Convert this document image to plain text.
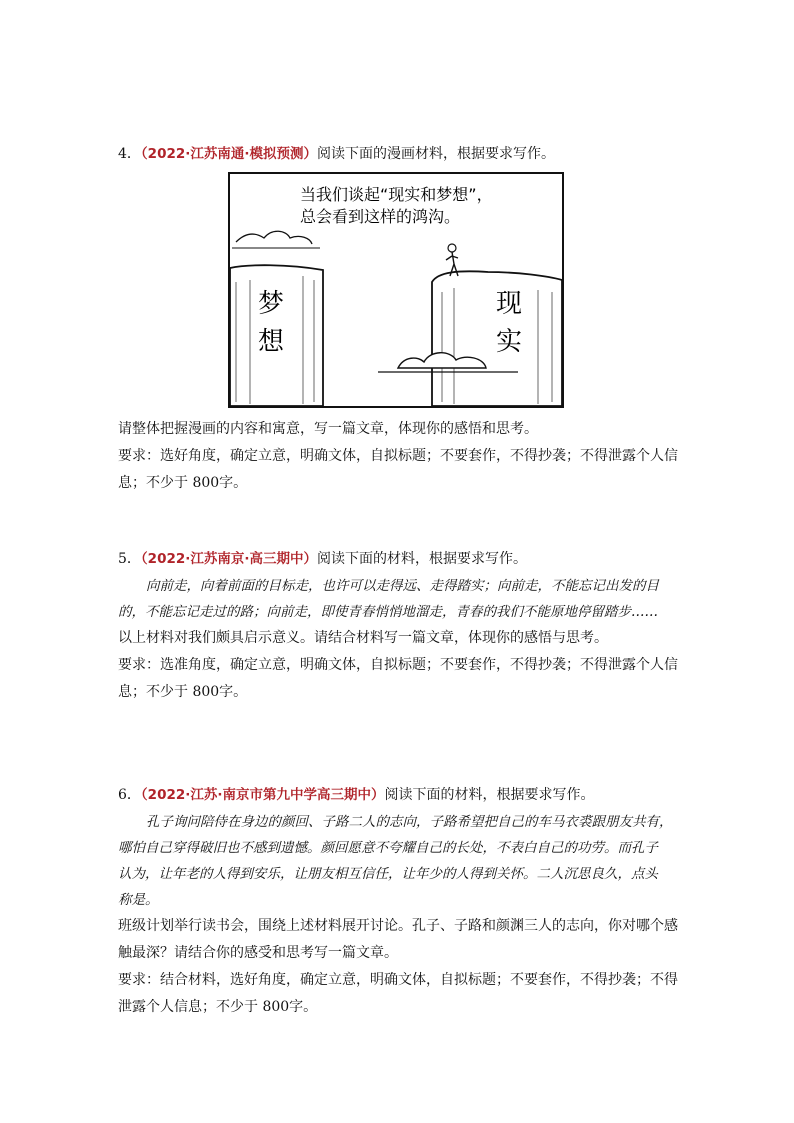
4．（2022·江苏南通·模拟预测）阅读下面的漫画材料，根据要求写作。
当我们谈起“现实和梦想”，
总会看到这样的鸿沟。
梦
想
现
实
请整体把握漫画的内容和寓意，写一篇文章，体现你的感悟和思考。
要求：选好角度，确定立意，明确文体，自拟标题；不要套作，不得抄袭；不得泄露个人信
息；不少于 800字。
5．（2022·江苏南京·高三期中）阅读下面的材料，根据要求写作。
向前走，向着前面的目标走，也许可以走得远、走得踏实；向前走，不能忘记出发的目
的，不能忘记走过的路；向前走，即使青春悄悄地溜走，青春的我们不能原地停留踏步……
以上材料对我们颇具启示意义。请结合材料写一篇文章，体现你的感悟与思考。
要求：选准角度，确定立意，明确文体，自拟标题；不要套作，不得抄袭；不得泄露个人信
息；不少于 800字。
6．（2022·江苏·南京市第九中学高三期中）阅读下面的材料，根据要求写作。
孔子询问陪侍在身边的颜回、子路二人的志向，子路希望把自己的车马衣裘跟朋友共有，
哪怕自己穿得破旧也不感到遗憾。颜回愿意不夸耀自己的长处，不表白自己的功劳。而孔子
认为，让年老的人得到安乐，让朋友相互信任，让年少的人得到关怀。二人沉思良久，点头
称是。
班级计划举行读书会，围绕上述材料展开讨论。孔子、子路和颜渊三人的志向，你对哪个感
触最深？请结合你的感受和思考写一篇文章。
要求：结合材料，选好角度，确定立意，明确文体，自拟标题；不要套作，不得抄袭；不得
泄露个人信息；不少于 800字。
